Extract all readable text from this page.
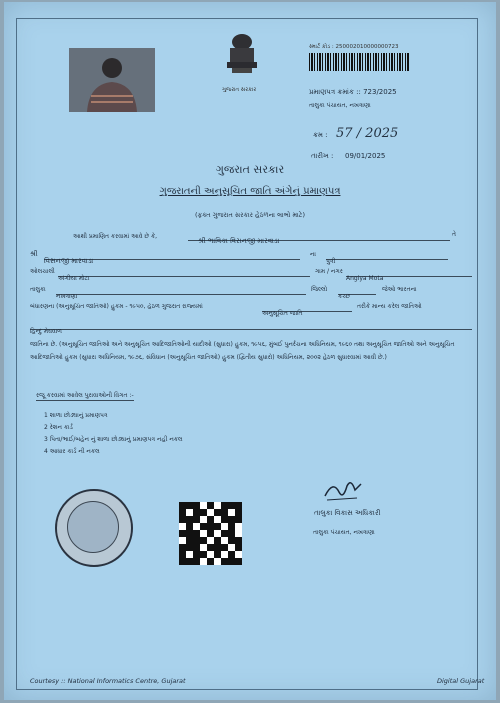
ગુજરાત સરકાર
સ્માર્ટ કોડ : 250002010000000723
પ્રમાણપત્ર ક્રમાંક :: 723/2025
તાલુકા પંચાયત, નખત્રાણા
ક્રમ : 57 / 2025
તારીખ : 09/01/2025
ગુજરાત સરકાર
ગુજરાતની અનુસૂચિત જાતિ અંગેનું પ્રમાણપત્ર
(ફક્ત ગુજરાત સરકાર હેઠળના લાભો માટે)
આથી પ્રમાણિત કરવામાં આવે છે કે,
શ્રી ભાવિકા વિસનજી મારવાડા
તે
શ્રી
વિસનજી મારવાડા
ના
પુત્રી
ઓલચાલી
અંગીયા મોટા
ગામ / નગર
Angiya Mota
તાલુકા
નખત્રાણા
જિલ્લો
કચ્છ
જેઓ ભારતના
બંધારણના (અનુસૂચિત જાતિઓ) હુકમ - ૧૯૫૦, હેઠળ ગુજરાત રાજ્યમાં
અનુસૂચિત જાતિ
તરીકે માન્ય કરેલ જાતિઓ
હિન્દુ મેઘવાળ
જાતિના છે. (અનુસૂચિત જાતિઓ અને અનુસૂચિત આદિજાતિઓની યાદીઓ (સુધારા) હુકમ, ૧૯૫૬, મુંબઈ પુનર્રચના અધિનિયમ, ૧૯૬૦ તથા અનુસૂચિત જાતિઓ અને અનુસૂચિત આદિજાતિઓ હુકમ (સુધારા અધિનિયમ, ૧૯૭૬, સંવિધાન (અનુસૂચિત જાતિઓ) હુકમ (દ્વિતીય સુધારો) અધિનિયમ, ૨૦૦૨ હેઠળ સુધારવામાં આવી છે.)
રજૂ કરવામાં આવેલ પુરાવાઓની વિગત :-
1 શાળા છોડ્યાનું પ્રમાણપત્ર
2 રેશન કાર્ડ
3 પિતા/ભાઈ/બહેન નું શાળા છોડ્યાનું પ્રમાણપત્ર નહી નકલ
4 આધાર કાર્ડ ની નકલ
તાલુકા વિકાસ અધિકારી
તાલુકા પંચાયત, નખત્રાણા
Courtesy :: National Informatics Centre, Gujarat	Digital Gujarat
